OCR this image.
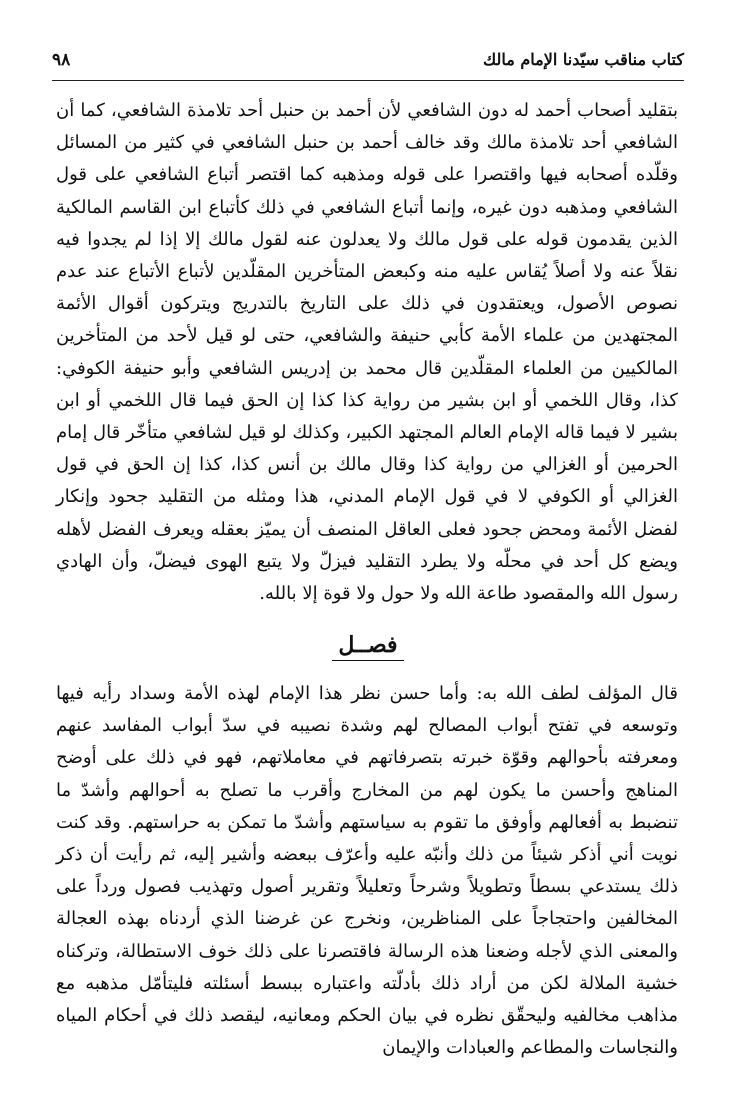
كتاب مناقب سيّدنا الإمام مالك
٩٨

بتقليد أصحاب أحمد له دون الشافعي لأن أحمد بن حنبل أحد تلامذة الشافعي، كما أن الشافعي أحد تلامذة مالك وقد خالف أحمد بن حنبل الشافعي في كثير من المسائل وقلّده أصحابه فيها واقتصرا على قوله ومذهبه كما اقتصر أتباع الشافعي على قول الشافعي ومذهبه دون غيره، وإنما أتباع الشافعي في ذلك كأتباع ابن القاسم المالكية الذين يقدمون قوله على قول مالك ولا يعدلون عنه لقول مالك إلا إذا لم يجدوا فيه نقلاً عنه ولا أصلاً يُقاس عليه منه وكبعض المتأخرين المقلّدين لأتباع الأتباع عند عدم نصوص الأصول، ويعتقدون في ذلك على التاريخ بالتدريج ويتركون أقوال الأئمة المجتهدين من علماء الأمة كأبي حنيفة والشافعي، حتى لو قيل لأحد من المتأخرين المالكيين من العلماء المقلّدين قال محمد بن إدريس الشافعي وأبو حنيفة الكوفي: كذا، وقال اللخمي أو ابن بشير من رواية كذا كذا إن الحق فيما قال اللخمي أو ابن بشير لا فيما قاله الإمام العالم المجتهد الكبير، وكذلك لو قيل لشافعي متأخّر قال إمام الحرمين أو الغزالي من رواية كذا وقال مالك بن أنس كذا، كذا إن الحق في قول الغزالي أو الكوفي لا في قول الإمام المدني، هذا ومثله من التقليد جحود وإنكار لفضل الأئمة ومحض جحود فعلى العاقل المنصف أن يميّز بعقله ويعرف الفضل لأهله ويضع كل أحد في محلّه ولا يطرد التقليد فيزلّ ولا يتبع الهوى فيضلّ، وأن الهادي رسول الله والمقصود طاعة الله ولا حول ولا قوة إلا بالله.

فصــل

قال المؤلف لطف الله به: وأما حسن نظر هذا الإمام لهذه الأمة وسداد رأيه فيها وتوسعه في تفتح أبواب المصالح لهم وشدة نصيبه في سدّ أبواب المفاسد عنهم ومعرفته بأحوالهم وقوّة خبرته بتصرفاتهم في معاملاتهم، فهو في ذلك على أوضح المناهج وأحسن ما يكون لهم من المخارج وأقرب ما تصلح به أحوالهم وأشدّ ما تنضبط به أفعالهم وأوفق ما تقوم به سياستهم وأشدّ ما تمكن به حراستهم. وقد كنت نويت أني أذكر شيئاً من ذلك وأنبّه عليه وأعرّف ببعضه وأشير إليه، ثم رأيت أن ذكر ذلك يستدعي بسطاً وتطويلاً وشرحاً وتعليلاً وتقرير أصول وتهذيب فصول ورداً على المخالفين واحتجاجاً على المناظرين، ونخرج عن غرضنا الذي أردناه بهذه العجالة والمعنى الذي لأجله وضعنا هذه الرسالة فاقتصرنا على ذلك خوف الاستطالة، وتركناه خشية الملالة لكن من أراد ذلك بأدلّته واعتباره ببسط أسئلته فليتأمّل مذهبه مع مذاهب مخالفيه وليحقّق نظره في بيان الحكم ومعانيه، ليقصد ذلك في أحكام المياه والنجاسات والمطاعم والعبادات والإيمان
